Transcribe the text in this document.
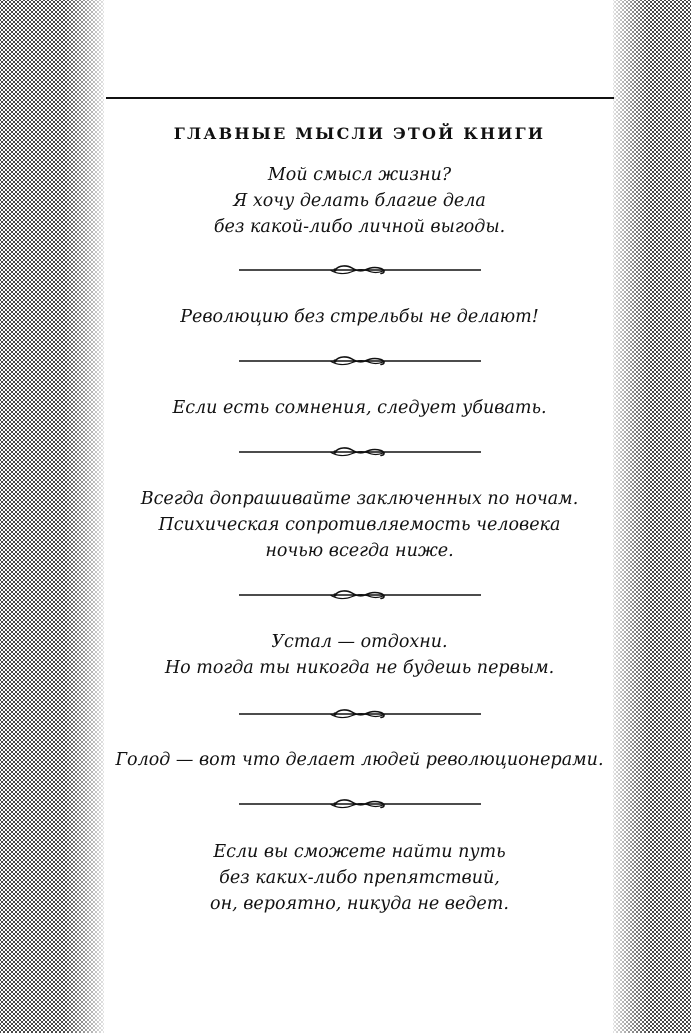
ГЛАВНЫЕ МЫСЛИ ЭТОЙ КНИГИ
Мой смысл жизни?
Я хочу делать благие дела
без какой-либо личной выгоды.
Революцию без стрельбы не делают!
Если есть сомнения, следует убивать.
Всегда допрашивайте заключенных по ночам.
Психическая сопротивляемость человека
ночью всегда ниже.
Устал — отдохни.
Но тогда ты никогда не будешь первым.
Голод — вот что делает людей революционерами.
Если вы сможете найти путь
без каких-либо препятствий,
он, вероятно, никуда не ведет.
